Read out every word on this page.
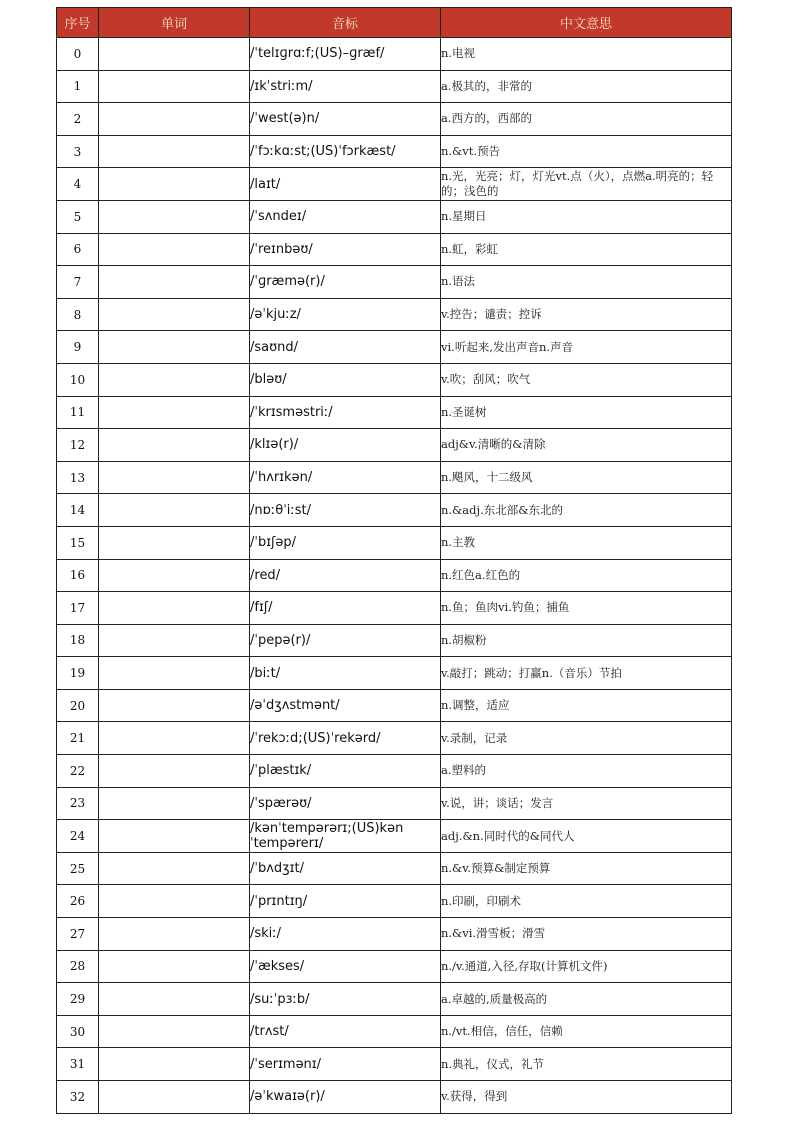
序号	单词	音标	中文意思
0		/ˈtelɪɡrɑːf;(US)–ɡræf/	n.电视
1		/ɪkˈstriːm/	a.极其的，非常的
2		/ˈwest(ə)n/	a.西方的，西部的
3		/ˈfɔːkɑːst;(US)ˈfɔrkæst/	n.&vt.预告
4		/laɪt/	n.光，光亮；灯，灯光vt.点（火），点燃a.明亮的；轻的；浅色的
5		/ˈsʌndeɪ/	n.星期日
6		/ˈreɪnbəʊ/	n.虹，彩虹
7		/ˈɡræmə(r)/	n.语法
8		/əˈkjuːz/	v.控告；谴责；控诉
9		/saʊnd/	vi.听起来,发出声音n.声音
10		/bləʊ/	v.吹；刮风；吹气
11		/ˈkrɪsməstriː/	n.圣诞树
12		/klɪə(r)/	adj&v.清晰的&清除
13		/ˈhʌrɪkən/	n.飓风，十二级风
14		/nɒːθˈiːst/	n.&adj.东北部&东北的
15		/ˈbɪʃəp/	n.主教
16		/red/	n.红色a.红色的
17		/fɪʃ/	n.鱼；鱼肉vi.钓鱼；捕鱼
18		/ˈpepə(r)/	n.胡椒粉
19		/biːt/	v.敲打；跳动；打赢n.（音乐）节拍
20		/əˈdʒʌstmənt/	n.调整，适应
21		/ˈrekɔːd;(US)ˈrekərd/	v.录制，记录
22		/ˈplæstɪk/	a.塑料的
23		/ˈspærəʊ/	v.说，讲；谈话；发言
24		/kənˈtempərərɪ;(US)kənˈtempərerɪ/	adj.&n.同时代的&同代人
25		/ˈbʌdʒɪt/	n.&v.预算&制定预算
26		/ˈprɪntɪŋ/	n.印刷，印刷术
27		/skiː/	n.&vi.滑雪板；滑雪
28		/ˈækses/	n./v.通道,入径,存取(计算机文件)
29		/suːˈpɜːb/	a.卓越的,质量极高的
30		/trʌst/	n./vt.相信，信任，信赖
31		/ˈserɪmənɪ/	n.典礼，仪式，礼节
32		/əˈkwaɪə(r)/	v.获得，得到
